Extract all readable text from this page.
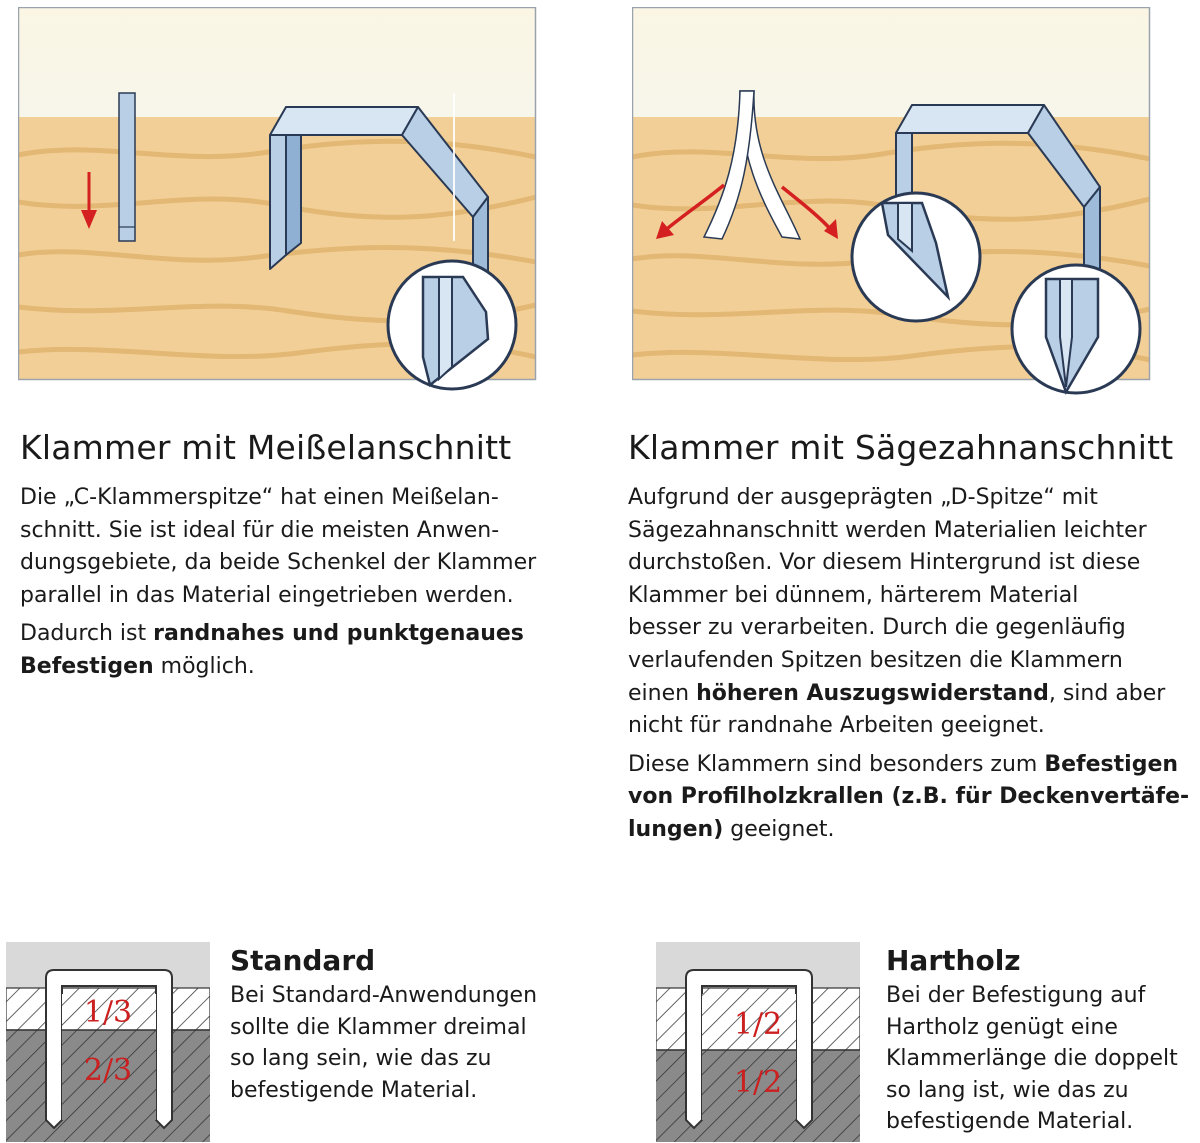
Klammer mit Meißelanschnitt

Die „C-Klammerspitze“ hat einen Meißelan-
schnitt. Sie ist ideal für die meisten Anwen-
dungsgebiete, da beide Schenkel der Klammer
parallel in das Material eingetrieben werden.

Dadurch ist randnahes und punktgenaues
Befestigen möglich.

Klammer mit Sägezahnanschnitt

Aufgrund der ausgeprägten „D-Spitze“ mit
Sägezahnanschnitt werden Materialien leichter
durchstoßen. Vor diesem Hintergrund ist diese
Klammer bei dünnem, härterem Material
besser zu verarbeiten. Durch die gegenläufig
verlaufenden Spitzen besitzen die Klammern
einen höheren Auszugswiderstand, sind aber
nicht für randnahe Arbeiten geeignet.

Diese Klammern sind besonders zum Befestigen
von Profilholzkrallen (z.B. für Deckenvertäfe-
lungen) geeignet.

1/3
2/3
Standard
Bei Standard-Anwendungen
sollte die Klammer dreimal
so lang sein, wie das zu
befestigende Material.
1/2
1/2
Hartholz
Bei der Befestigung auf
Hartholz genügt eine
Klammerlänge die doppelt
so lang ist, wie das zu
befestigende Material.
